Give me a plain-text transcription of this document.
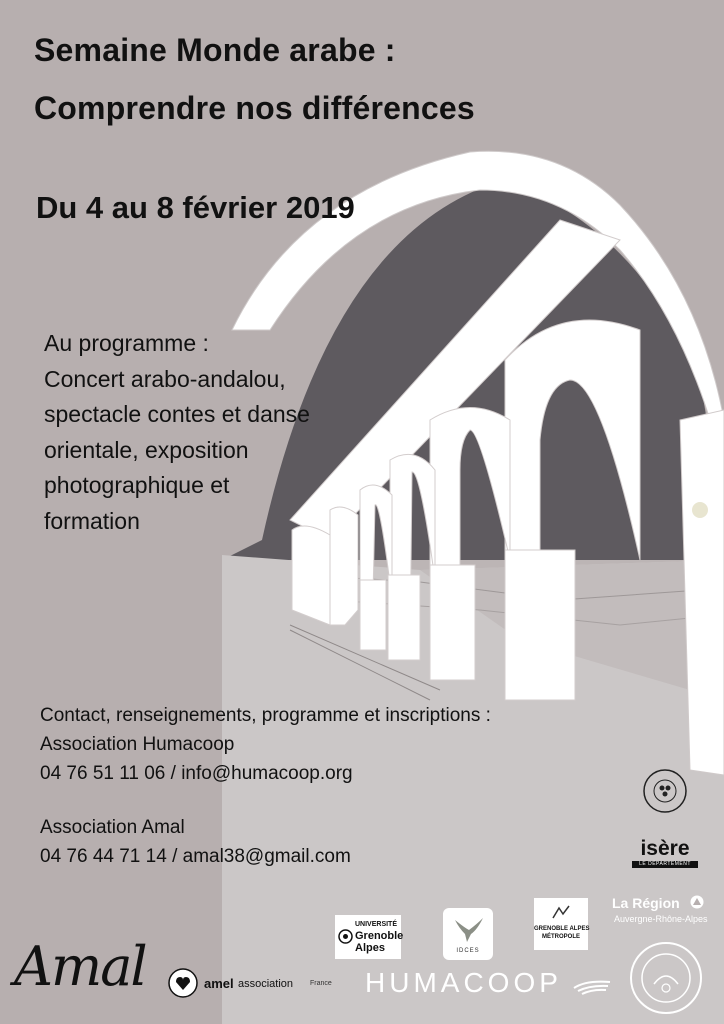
Semaine Monde arabe :
Comprendre nos différences
Du 4 au 8 février 2019
Au programme :
Concert arabo-andalou,
spectacle contes et danse
orientale, exposition
photographique et
formation
Contact, renseignements, programme et inscriptions :
Association Humacoop
04 76 51 11 06 / info@humacoop.org
Association Amal
04 76 44 71 14 / amal38@gmail.com	isère
LE DÉPARTEMENT
La Région
Auvergne-Rhône-Alpes
UNIVERSITÉ
Grenoble
Alpes	IDCES
GRENOBLE ALPES
MÉTROPOLE
Amal	amel association France HUMACOOP
